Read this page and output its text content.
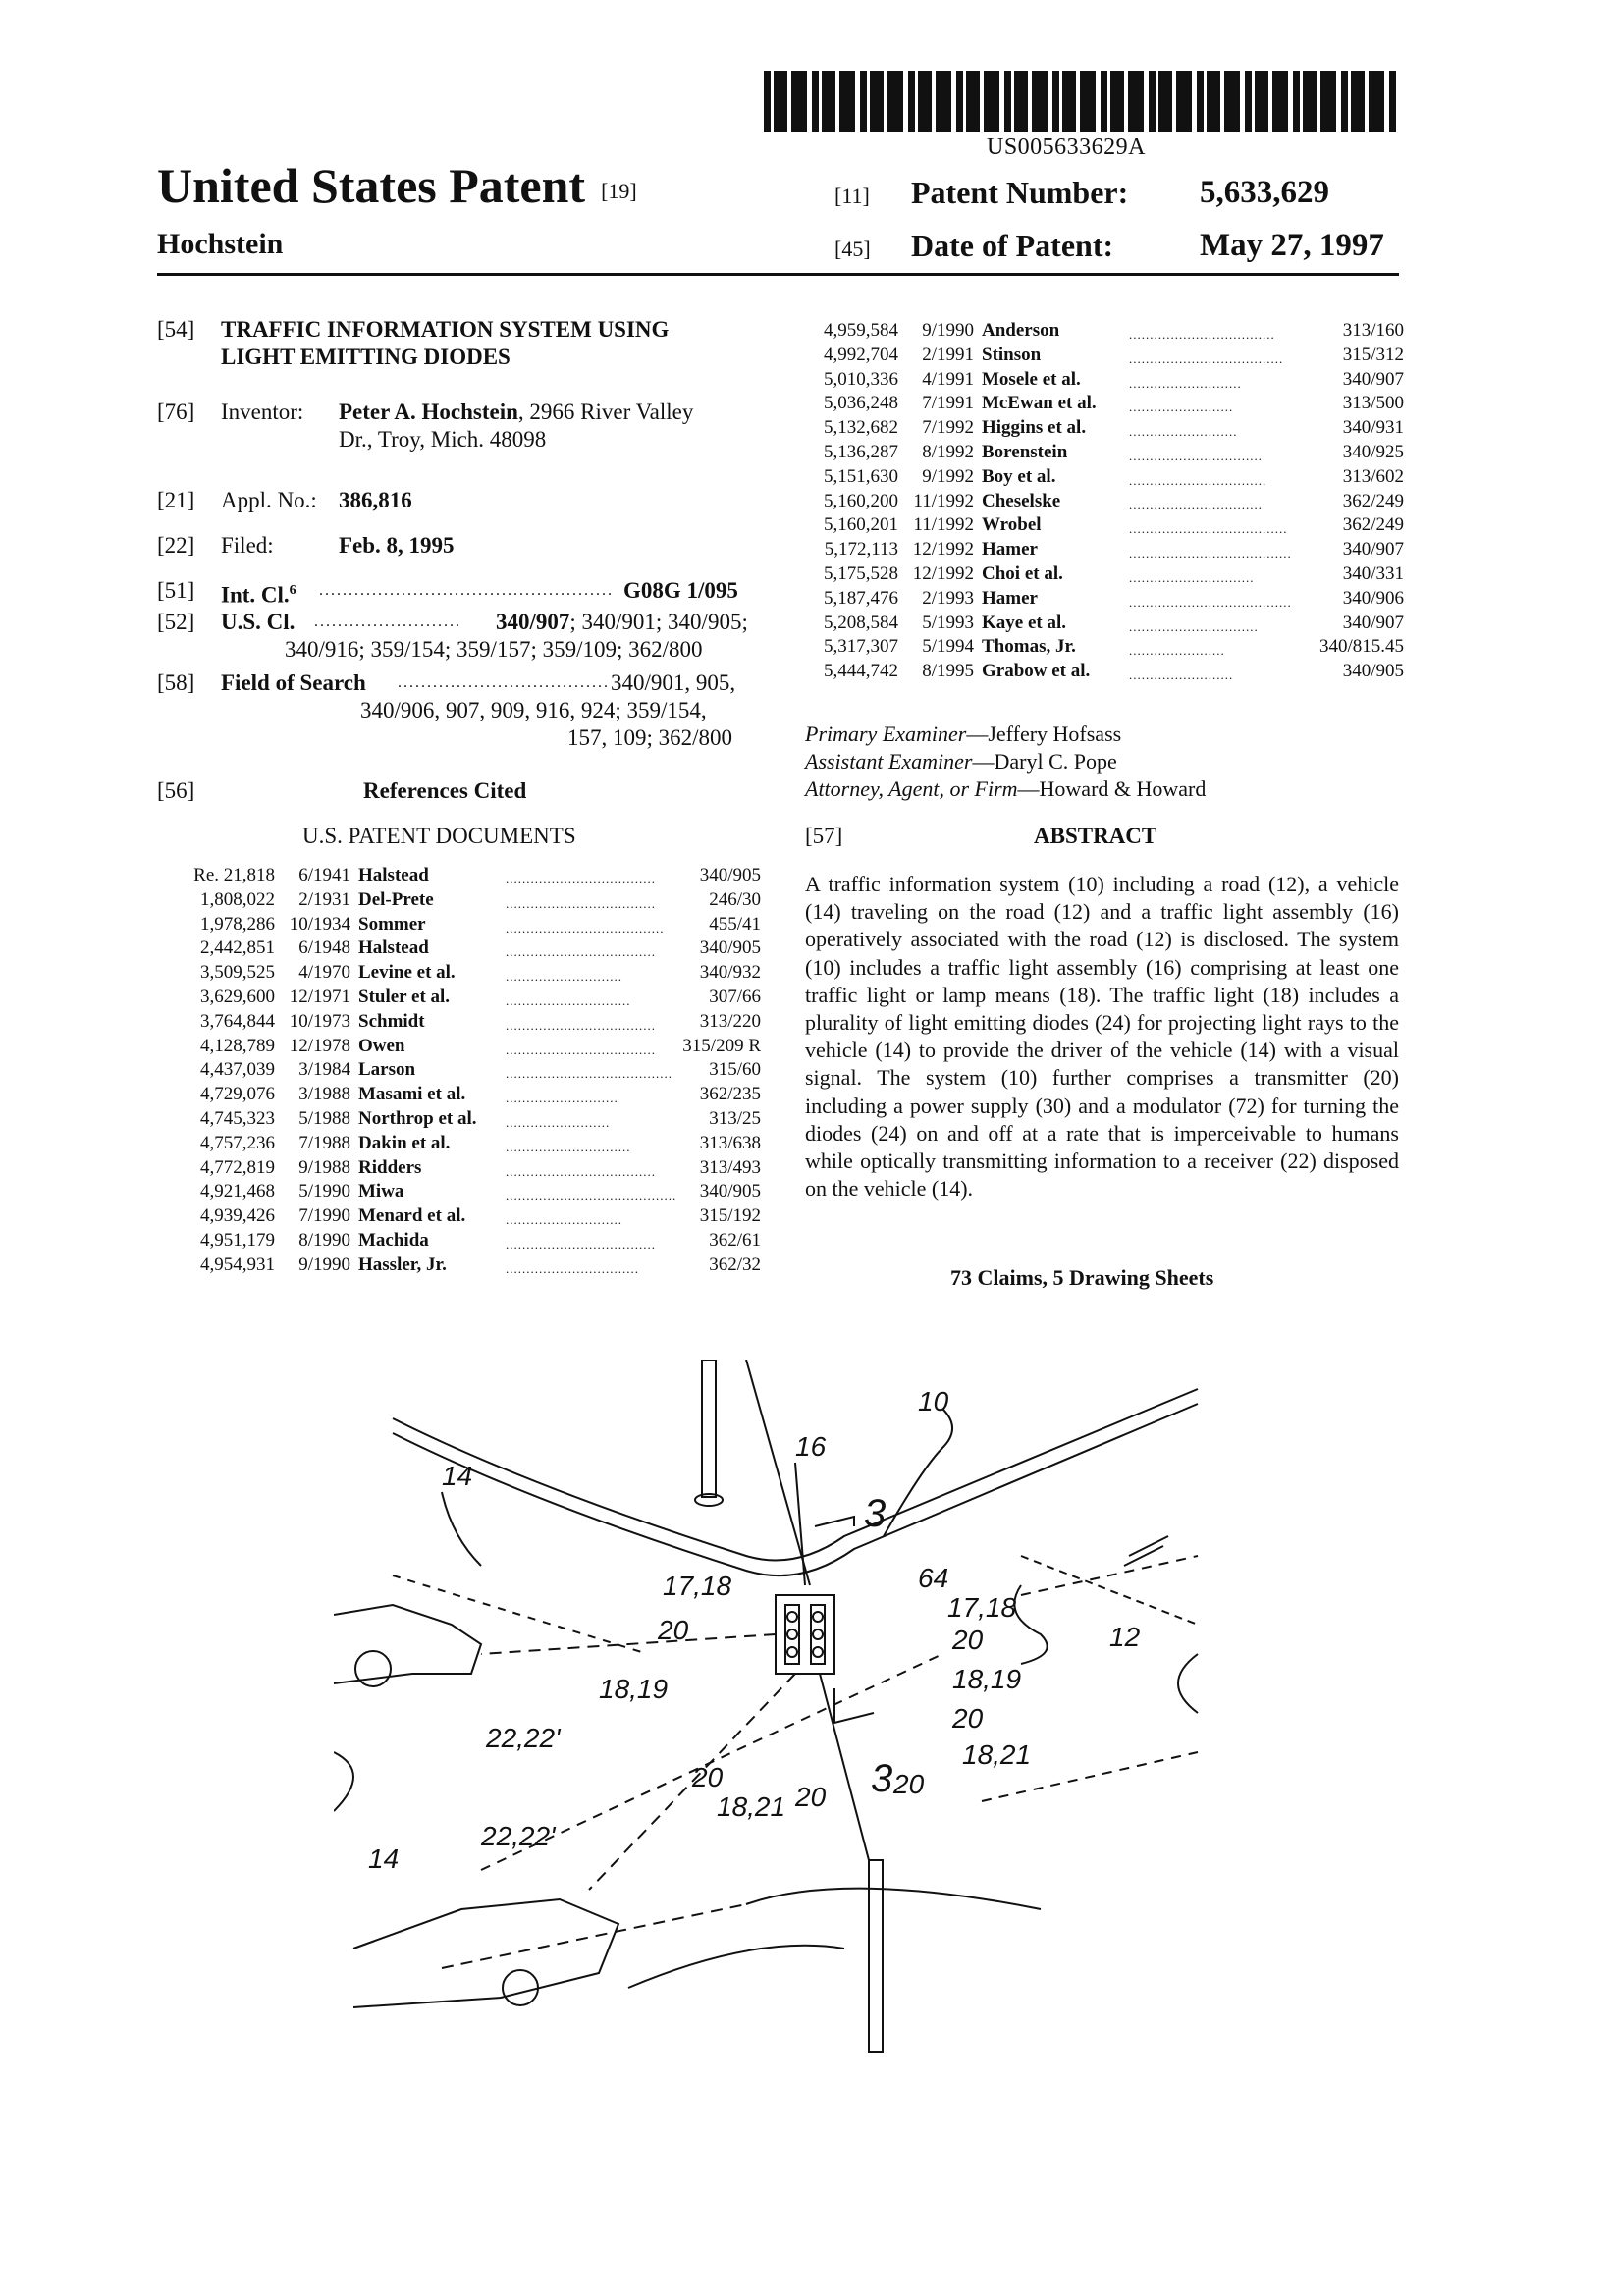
US005633629A
United States Patent [19]
Hochstein
[11] Patent Number: 5,633,629
[45] Date of Patent:	May 27, 1997
[54] TRAFFIC INFORMATION SYSTEM USING
LIGHT EMITTING DIODES
[76] Inventor: Peter A. Hochstein, 2966 River Valley
Dr., Troy, Mich. 48098
[21] Appl. No.: 386,816
[22] Filed:	Feb. 8, 1995
[51] Int. Cl.$^6$ .................................................. G08G 1/095
[52] U.S. Cl. ......................... 340/907; 340/901; 340/905;
340/916; 359/154; 359/157; 359/109; 362/800
[58] Field of Search .................................... 340/901, 905,
340/906, 907, 909, 916, 924; 359/154,
157, 109; 362/800
[56]	References Cited
U.S. PATENT DOCUMENTS
Re. 21,818	6/1941 Halstead	.................................... 340/905
1,808,022	2/1931 Del-Prete	....................................	246/30
1,978,286 10/1934 Sommer	...................................... 455/41
2,442,851	6/1948 Halstead	.................................... 340/905
3,509,525	4/1970 Levine et al.	............................	340/932
3,629,600 12/1971 Stuler et al.	..............................	307/66
3,764,844 10/1973 Schmidt	.................................... 313/220
4,128,789 12/1978 Owen	.................................... 315/209 R
4,437,039	3/1984 Larson	........................................ 315/60
4,729,076	3/1988 Masami et al.	...........................	362/235
4,745,323	5/1988 Northrop et al. .........................	313/25
4,757,236	7/1988 Dakin et al.	..............................	313/638
4,772,819	9/1988 Ridders	.................................... 313/493
4,921,468	5/1990 Miwa	......................................... 340/905
4,939,426	7/1990 Menard et al.	............................	315/192
4,951,179	8/1990 Machida	....................................	362/61
4,954,931	9/1990 Hassler, Jr.	................................	362/32
4,959,584	9/1990 Anderson	...................................	313/160
4,992,704	2/1991 Stinson	.....................................	315/312
5,010,336	4/1991 Mosele et al.	...........................	340/907
5,036,248	7/1991 McEwan et al.	.........................	313/500
5,132,682	7/1992 Higgins et al.	..........................	340/931
5,136,287	8/1992 Borenstein	................................	340/925
5,151,630	9/1992 Boy et al.	.................................	313/602
5,160,200 11/1992 Cheselske	................................	362/249
5,160,201 11/1992 Wrobel	......................................	362/249
5,172,113 12/1992 Hamer	.......................................	340/907
5,175,528 12/1992 Choi et al.	..............................	340/331
5,187,476	2/1993 Hamer	.......................................	340/906
5,208,584	5/1993 Kaye et al.	...............................	340/907
5,317,307	5/1994 Thomas, Jr.	.......................	340/815.45
5,444,742	8/1995 Grabow et al.	.........................	340/905
Primary Examiner—Jeffery Hofsass
Assistant Examiner—Daryl C. Pope
Attorney, Agent, or Firm—Howard & Howard
[57]	ABSTRACT
A traffic information system (10) including a road (12), a vehicle (14) traveling on the road (12) and a traffic light assembly (16) operatively associated with the road (12) is disclosed. The system (10) includes a traffic light assembly (16) comprising at least one traffic light or lamp means (18). The traffic light (18) includes a plurality of light emitting diodes (24) for projecting light rays to the vehicle (14) to provide the driver of the vehicle (14) with a visual signal. The system (10) further comprises a transmitter (20) including a power supply (30) and a modulator (72) for turning the diodes (24) on and off at a rate that is imperceivable to humans while optically transmitting information to a receiver (22) disposed on the vehicle (14).
73 Claims, 5 Drawing Sheets
10
16
3
64
14
17,18
17,18
20	20	12
18,19	18,19
20
18,21
20
3
22,22'
20
20
18,21
22,22'
14
